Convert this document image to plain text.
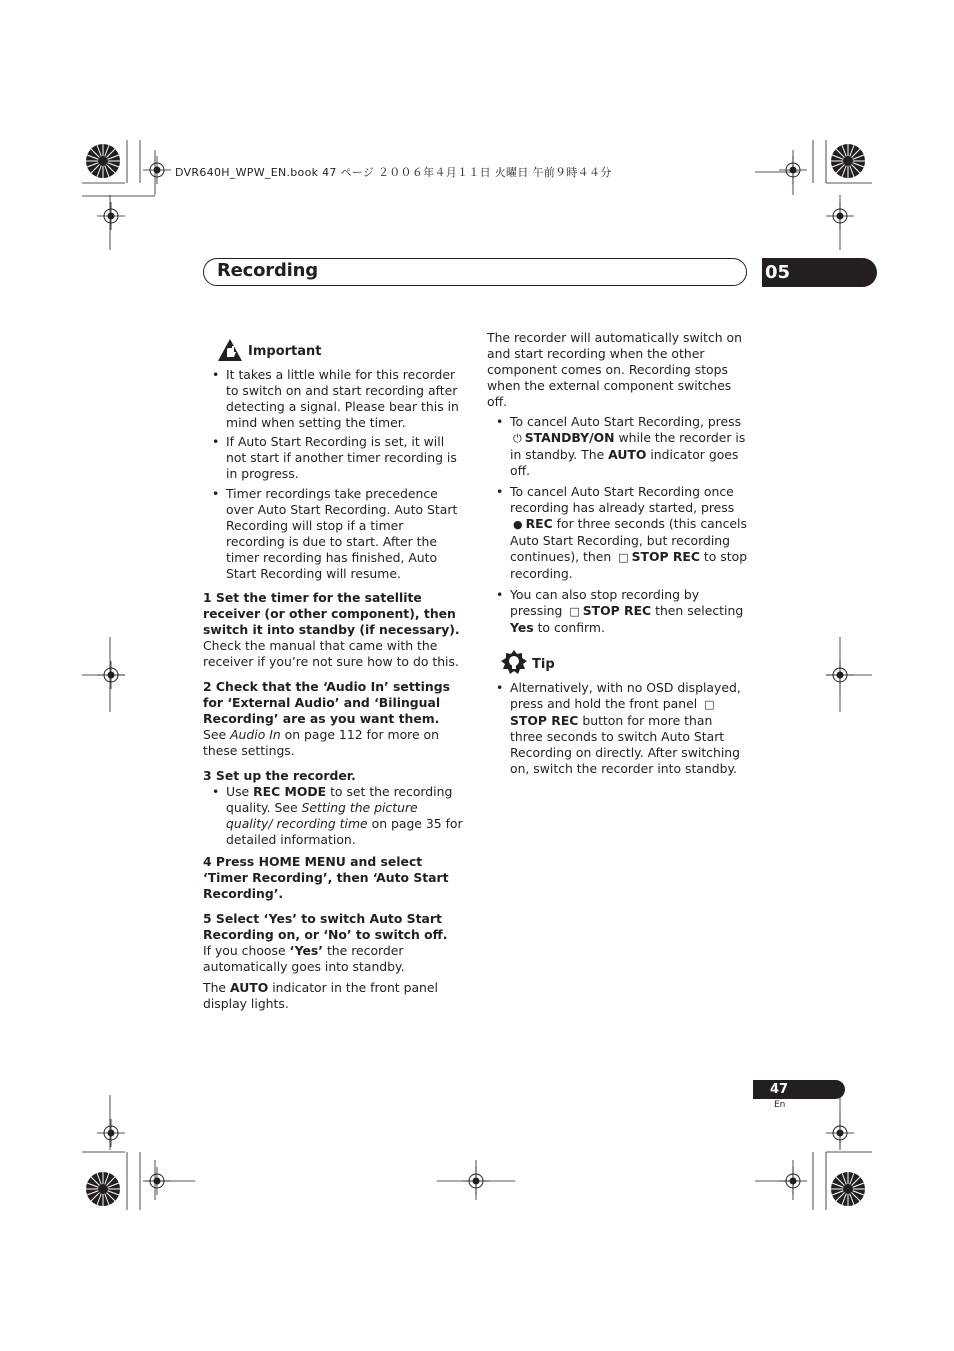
DVR640H_WPW_EN.book 47 ページ ２００６年４月１１日 火曜日 午前９時４４分
Recording	05
Important
• It takes a little while for this recorder to switch on and start recording after detecting a signal. Please bear this in mind when setting the timer.
• If Auto Start Recording is set, it will not start if another timer recording is in progress.
• Timer recordings take precedence over Auto Start Recording. Auto Start Recording will stop if a timer recording is due to start. After the timer recording has finished, Auto Start Recording will resume.

1 Set the timer for the satellite receiver (or other component), then switch it into standby (if necessary).

Check the manual that came with the receiver if you’re not sure how to do this.

2 Check that the ‘Audio In’ settings for ‘External Audio’ and ‘Bilingual Recording’ are as you want them.

See Audio In on page 112 for more on these settings.

3 Set up the recorder.

• Use REC MODE to set the recording quality. See Setting the picture quality/ recording time on page 35 for detailed information.

4 Press HOME MENU and select ‘Timer Recording’, then ‘Auto Start Recording’.

5 Select ‘Yes’ to switch Auto Start Recording on, or ‘No’ to switch off.

If you choose ‘Yes’ the recorder automatically goes into standby.

The AUTO indicator in the front panel display lights.

The recorder will automatically switch on and start recording when the other component comes on. Recording stops when the external component switches off.

• To cancel Auto Start Recording, press ⏻ STANDBY/ON while the recorder is in standby. The AUTO indicator goes off.
• To cancel Auto Start Recording once recording has already started, press ● REC for three seconds (this cancels Auto Start Recording, but recording continues), then □ STOP REC to stop recording.
• You can also stop recording by pressing □ STOP REC then selecting Yes to confirm.
Tip
• Alternatively, with no OSD displayed, press and hold the front panel □STOP REC button for more than three seconds to switch Auto Start Recording on directly. After switching on, switch the recorder into standby.
47
En
